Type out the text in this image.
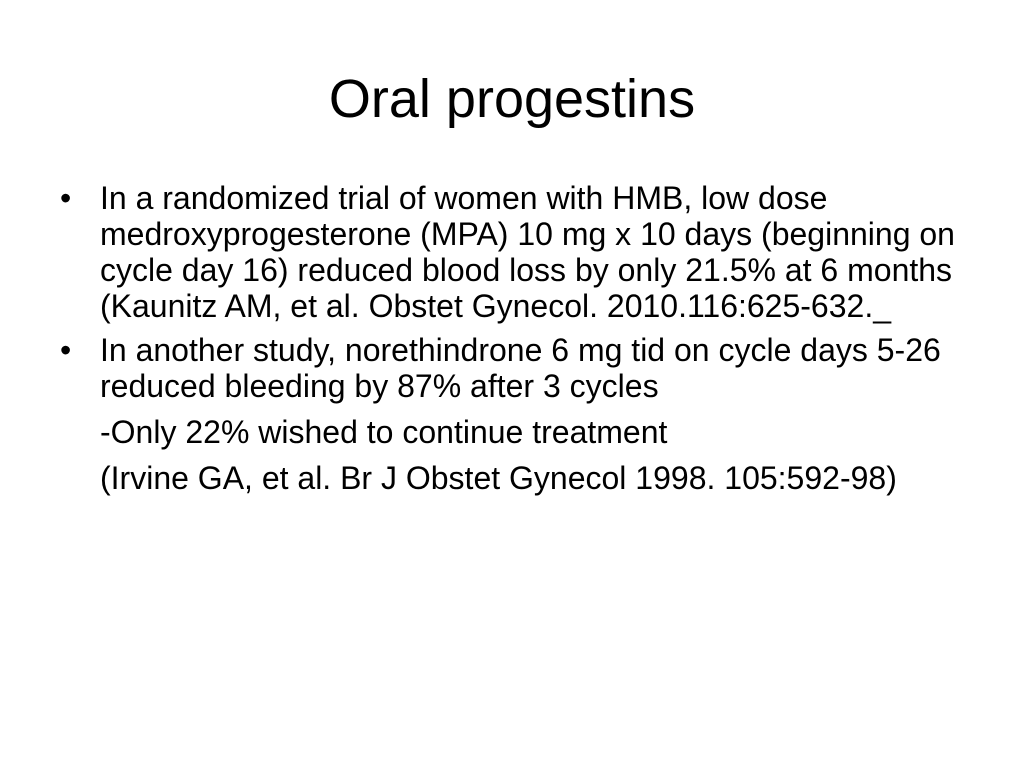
Oral progestins
• In a randomized trial of women with HMB, low dose medroxyprogesterone (MPA) 10 mg x 10 days (beginning on cycle day 16) reduced blood loss by only 21.5% at 6 months (Kaunitz AM, et al. Obstet Gynecol. 2010.116:625-632._
• In another study, norethindrone 6 mg tid on cycle days 5-26 reduced bleeding by 87% after 3 cycles
-Only 22% wished to continue treatment
(Irvine GA, et al. Br J Obstet Gynecol 1998. 105:592-98)
